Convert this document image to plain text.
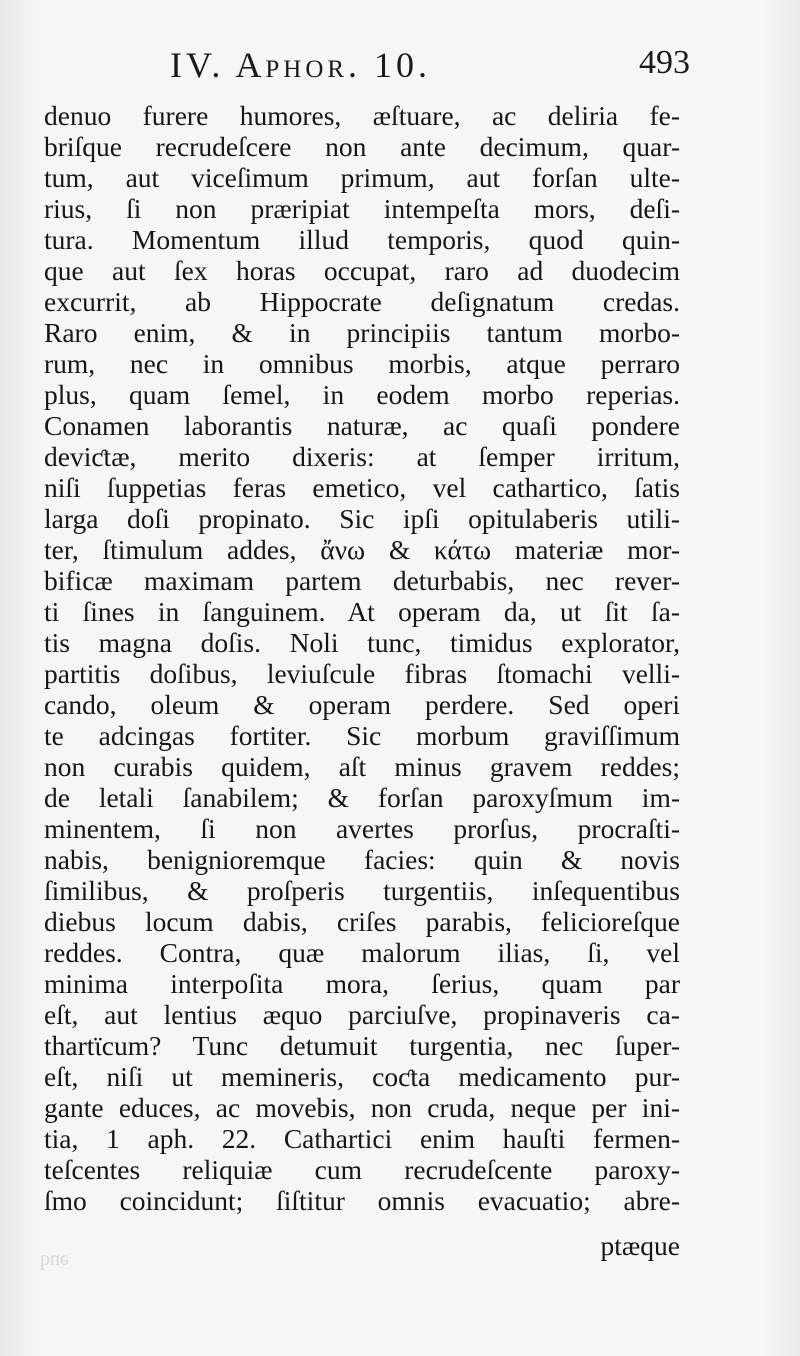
IV. Aphor. 10.	493
denuo furere humores, æſtuare, ac deliria fe-
briſque recrudeſcere non ante decimum, quar-
tum, aut viceſimum primum, aut forſan ulte-
rius, ſi non præripiat intempeſta mors, deſi-
tura. Momentum illud temporis, quod quin-
que aut ſex horas occupat, raro ad duodecim
excurrit, ab Hippocrate deſignatum credas.
Raro enim, & in principiis tantum morbo-
rum, nec in omnibus morbis, atque perraro
plus, quam ſemel, in eodem morbo reperias.
Conamen laborantis naturæ, ac quaſi pondere
deviƈtæ, merito dixeris: at ſemper irritum,
niſi ſuppetias feras emetico, vel cathartico, ſatis
larga doſi propinato. Sic ipſi opitulaberis utili-
ter, ſtimulum addes, ἄνω & κάτω materiæ mor-
bificæ maximam partem deturbabis, nec rever-
ti ſines in ſanguinem. At operam da, ut ſit ſa-
tis magna doſis. Noli tunc, timidus explorator,
partitis doſibus, leviuſcule fibras ſtomachi velli-
cando, oleum & operam perdere. Sed operi
te adcingas fortiter. Sic morbum graviſſimum
non curabis quidem, aſt minus gravem reddes;
de letali ſanabilem; & forſan paroxyſmum im-
minentem, ſi non avertes prorſus, procraſti-
nabis, benignioremque facies: quin & novis
ſimilibus, & proſperis turgentiis, inſequentibus
diebus locum dabis, criſes parabis, felicioreſque
reddes. Contra, quæ malorum ilias, ſi, vel
minima interpoſita mora, ſerius, quam par
eſt, aut lentius æquo parciuſve, propinaveris ca-
thartϊcum? Tunc detumuit turgentia, nec ſuper-
eſt, niſi ut memineris, coƈta medicamento pur-
gante educes, ac movebis, non cruda, neque per ini-
tia, 1 aph. 22. Cathartici enim hauſti fermen-
teſcentes reliquiæ cum recrudeſcente paroxy-
ſmo coincidunt; ſiſtitur omnis evacuatio; abre-
ptæque
ənq
